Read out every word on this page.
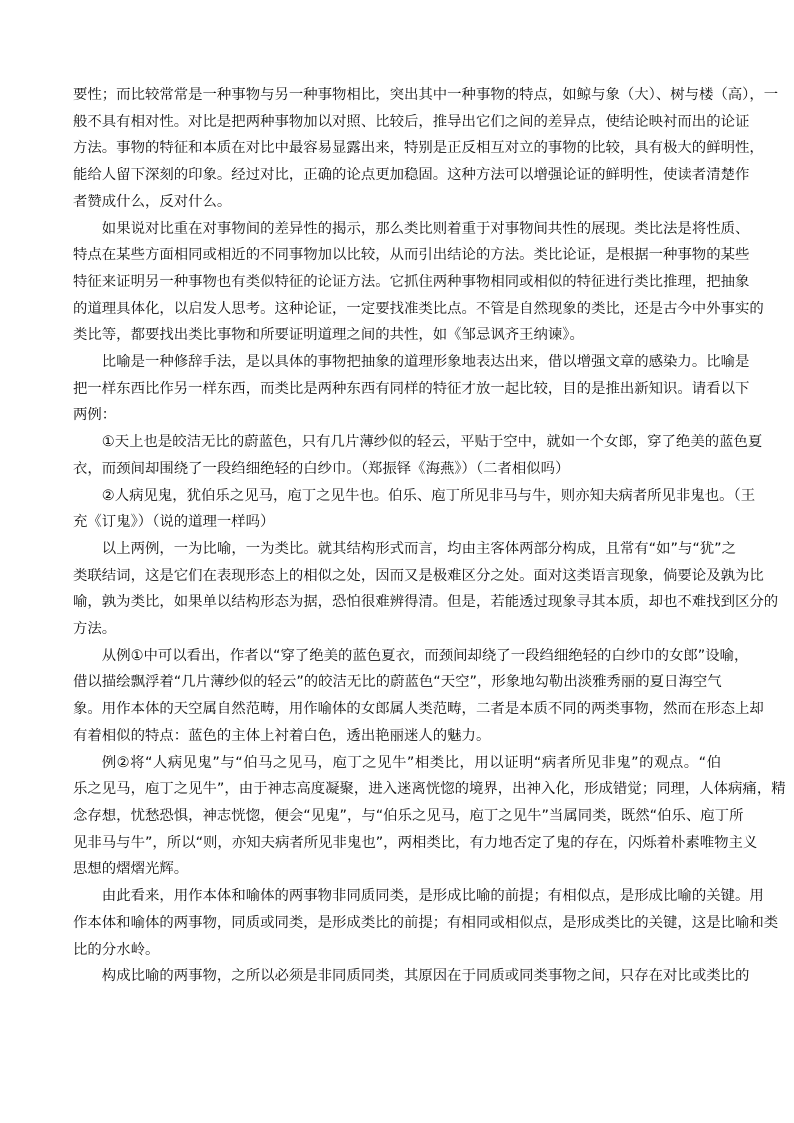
要性；而比较常常是一种事物与另一种事物相比，突出其中一种事物的特点，如鲸与象（大）、树与楼（高），一
般不具有相对性。对比是把两种事物加以对照、比较后，推导出它们之间的差异点，使结论映衬而出的论证
方法。事物的特征和本质在对比中最容易显露出来，特别是正反相互对立的事物的比较，具有极大的鲜明性，
能给人留下深刻的印象。经过对比，正确的论点更加稳固。这种方法可以增强论证的鲜明性，使读者清楚作
者赞成什么，反对什么。

如果说对比重在对事物间的差异性的揭示，那么类比则着重于对事物间共性的展现。类比法是将性质、
特点在某些方面相同或相近的不同事物加以比较，从而引出结论的方法。类比论证，是根据一种事物的某些
特征来证明另一种事物也有类似特征的论证方法。它抓住两种事物相同或相似的特征进行类比推理，把抽象
的道理具体化，以启发人思考。这种论证，一定要找准类比点。不管是自然现象的类比，还是古今中外事实的
类比等，都要找出类比事物和所要证明道理之间的共性，如《邹忌讽齐王纳谏》。

比喻是一种修辞手法，是以具体的事物把抽象的道理形象地表达出来，借以增强文章的感染力。比喻是
把一样东西比作另一样东西，而类比是两种东西有同样的特征才放一起比较，目的是推出新知识。请看以下
两例：

①天上也是皎洁无比的蔚蓝色，只有几片薄纱似的轻云，平贴于空中，就如一个女郎，穿了绝美的蓝色夏
衣，而颈间却围绕了一段绉细绝轻的白纱巾。（郑振铎《海燕》）（二者相似吗）

②人病见鬼，犹伯乐之见马，庖丁之见牛也。伯乐、庖丁所见非马与牛，则亦知夫病者所见非鬼也。（王
充《订鬼》）（说的道理一样吗）

以上两例，一为比喻，一为类比。就其结构形式而言，均由主客体两部分构成，且常有“如”与“犹”之
类联结词，这是它们在表现形态上的相似之处，因而又是极难区分之处。面对这类语言现象，倘要论及孰为比
喻，孰为类比，如果单以结构形态为据，恐怕很难辨得清。但是，若能透过现象寻其本质，却也不难找到区分的
方法。

从例①中可以看出，作者以“穿了绝美的蓝色夏衣，而颈间却绕了一段绉细绝轻的白纱巾的女郎”设喻，
借以描绘飘浮着“几片薄纱似的轻云”的皎洁无比的蔚蓝色“天空”，形象地勾勒出淡雅秀丽的夏日海空气
象。用作本体的天空属自然范畴，用作喻体的女郎属人类范畴，二者是本质不同的两类事物，然而在形态上却
有着相似的特点：蓝色的主体上衬着白色，透出艳丽迷人的魅力。

例②将“人病见鬼”与“伯马之见马，庖丁之见牛”相类比，用以证明“病者所见非鬼”的观点。“伯
乐之见马，庖丁之见牛”，由于神志高度凝聚，进入迷离恍惚的境界，出神入化，形成错觉；同理，人体病痛，精
念存想，忧愁恐惧，神志恍惚，便会“见鬼”，与“伯乐之见马，庖丁之见牛”当属同类，既然“伯乐、庖丁所
见非马与牛”，所以“则，亦知夫病者所见非鬼也”，两相类比，有力地否定了鬼的存在，闪烁着朴素唯物主义
思想的熠熠光辉。

由此看来，用作本体和喻体的两事物非同质同类，是形成比喻的前提；有相似点，是形成比喻的关键。用
作本体和喻体的两事物，同质或同类，是形成类比的前提；有相同或相似点，是形成类比的关键，这是比喻和类
比的分水岭。

构成比喻的两事物，之所以必须是非同质同类，其原因在于同质或同类事物之间，只存在对比或类比的
